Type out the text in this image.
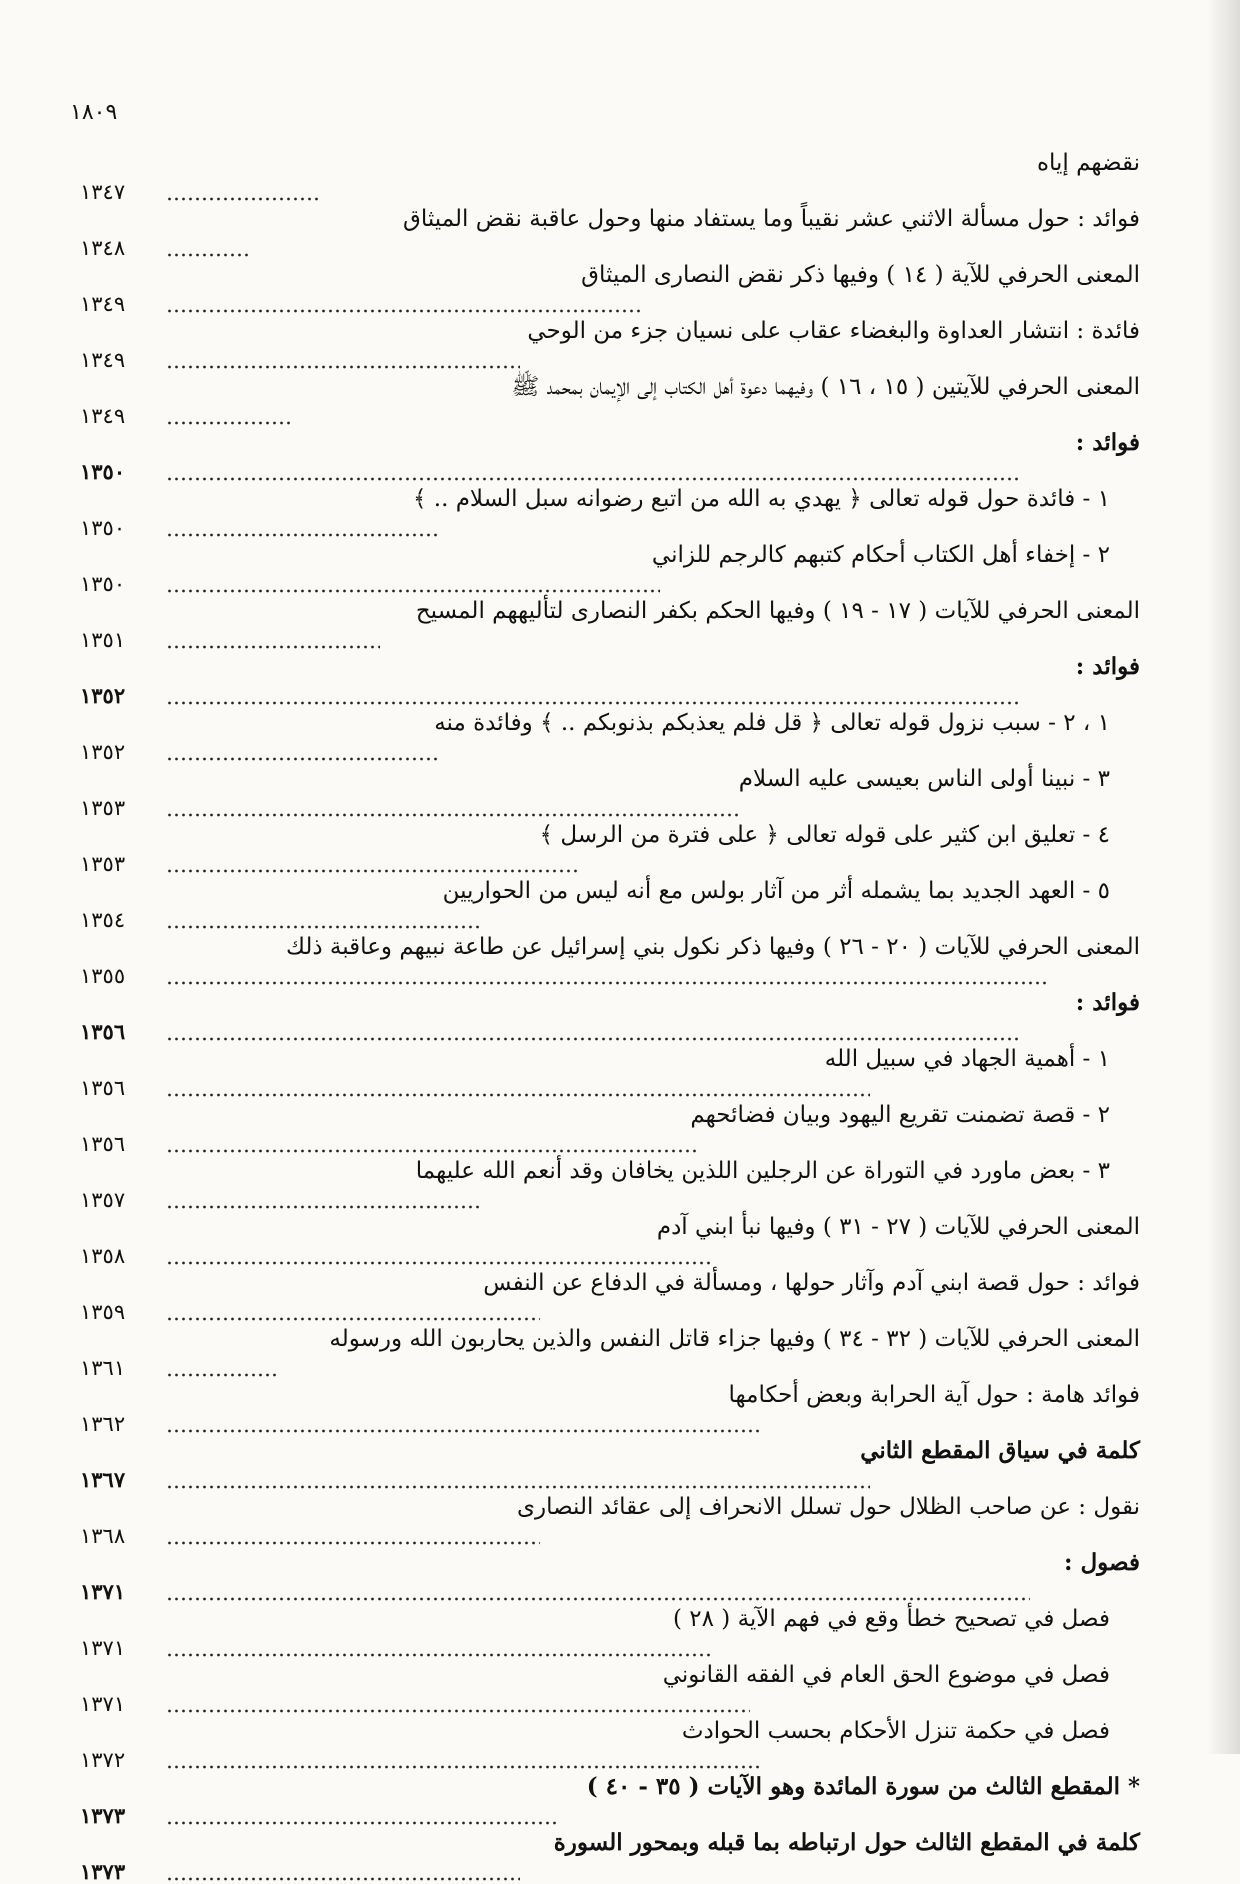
١٨٠٩
نقضهم إياه
١٣٤٧
فوائد : حول مسألة الاثني عشر نقيباً وما يستفاد منها وحول عاقبة نقض الميثاق
١٣٤٨
المعنى الحرفي للآية ( ١٤ ) وفيها ذكر نقض النصارى الميثاق
١٣٤٩
فائدة : انتشار العداوة والبغضاء عقاب على نسيان جزء من الوحي
١٣٤٩
المعنى الحرفي للآيتين ( ١٥ ، ١٦ ) وفيهما دعوة أهل الكتاب إلى الإيمان بمحمد ﷺ
١٣٤٩
فوائد :
١٣٥٠
١ - فائدة حول قوله تعالى ﴿ يهدي به الله من اتبع رضوانه سبل السلام .. ﴾
١٣٥٠
٢ - إخفاء أهل الكتاب أحكام كتبهم كالرجم للزاني
١٣٥٠
المعنى الحرفي للآيات ( ١٧ - ١٩ ) وفيها الحكم بكفر النصارى لتأليههم المسيح
١٣٥١
فوائد :
١٣٥٢
١ ، ٢ - سبب نزول قوله تعالى ﴿ قل فلم يعذبكم بذنوبكم .. ﴾ وفائدة منه
١٣٥٢
٣ - نبينا أولى الناس بعيسى عليه السلام
١٣٥٣
٤ - تعليق ابن كثير على قوله تعالى ﴿ على فترة من الرسل ﴾
١٣٥٣
٥ - العهد الجديد بما يشمله أثر من آثار بولس مع أنه ليس من الحواريين
١٣٥٤
المعنى الحرفي للآيات ( ٢٠ - ٢٦ ) وفيها ذكر نكول بني إسرائيل عن طاعة نبيهم وعاقبة ذلك
١٣٥٥
فوائد :
١٣٥٦
١ - أهمية الجهاد في سبيل الله
١٣٥٦
٢ - قصة تضمنت تقريع اليهود وبيان فضائحهم
١٣٥٦
٣ - بعض ماورد في التوراة عن الرجلين اللذين يخافان وقد أنعم الله عليهما
١٣٥٧
المعنى الحرفي للآيات ( ٢٧ - ٣١ ) وفيها نبأ ابني آدم
١٣٥٨
فوائد : حول قصة ابني آدم وآثار حولها ، ومسألة في الدفاع عن النفس
١٣٥٩
المعنى الحرفي للآيات ( ٣٢ - ٣٤ ) وفيها جزاء قاتل النفس والذين يحاربون الله ورسوله
١٣٦١
فوائد هامة : حول آية الحرابة وبعض أحكامها
١٣٦٢
كلمة في سياق المقطع الثاني
١٣٦٧
نقول : عن صاحب الظلال حول تسلل الانحراف إلى عقائد النصارى
١٣٦٨
فصول :
١٣٧١
فصل في تصحيح خطأ وقع في فهم الآية ( ٢٨ )
١٣٧١
فصل في موضوع الحق العام في الفقه القانوني
١٣٧١
فصل في حكمة تنزل الأحكام بحسب الحوادث
١٣٧٢
* المقطع الثالث من سورة المائدة وهو الآيات ( ٣٥ - ٤٠ )
١٣٧٣
كلمة في المقطع الثالث حول ارتباطه بما قبله وبمحور السورة
١٣٧٣
